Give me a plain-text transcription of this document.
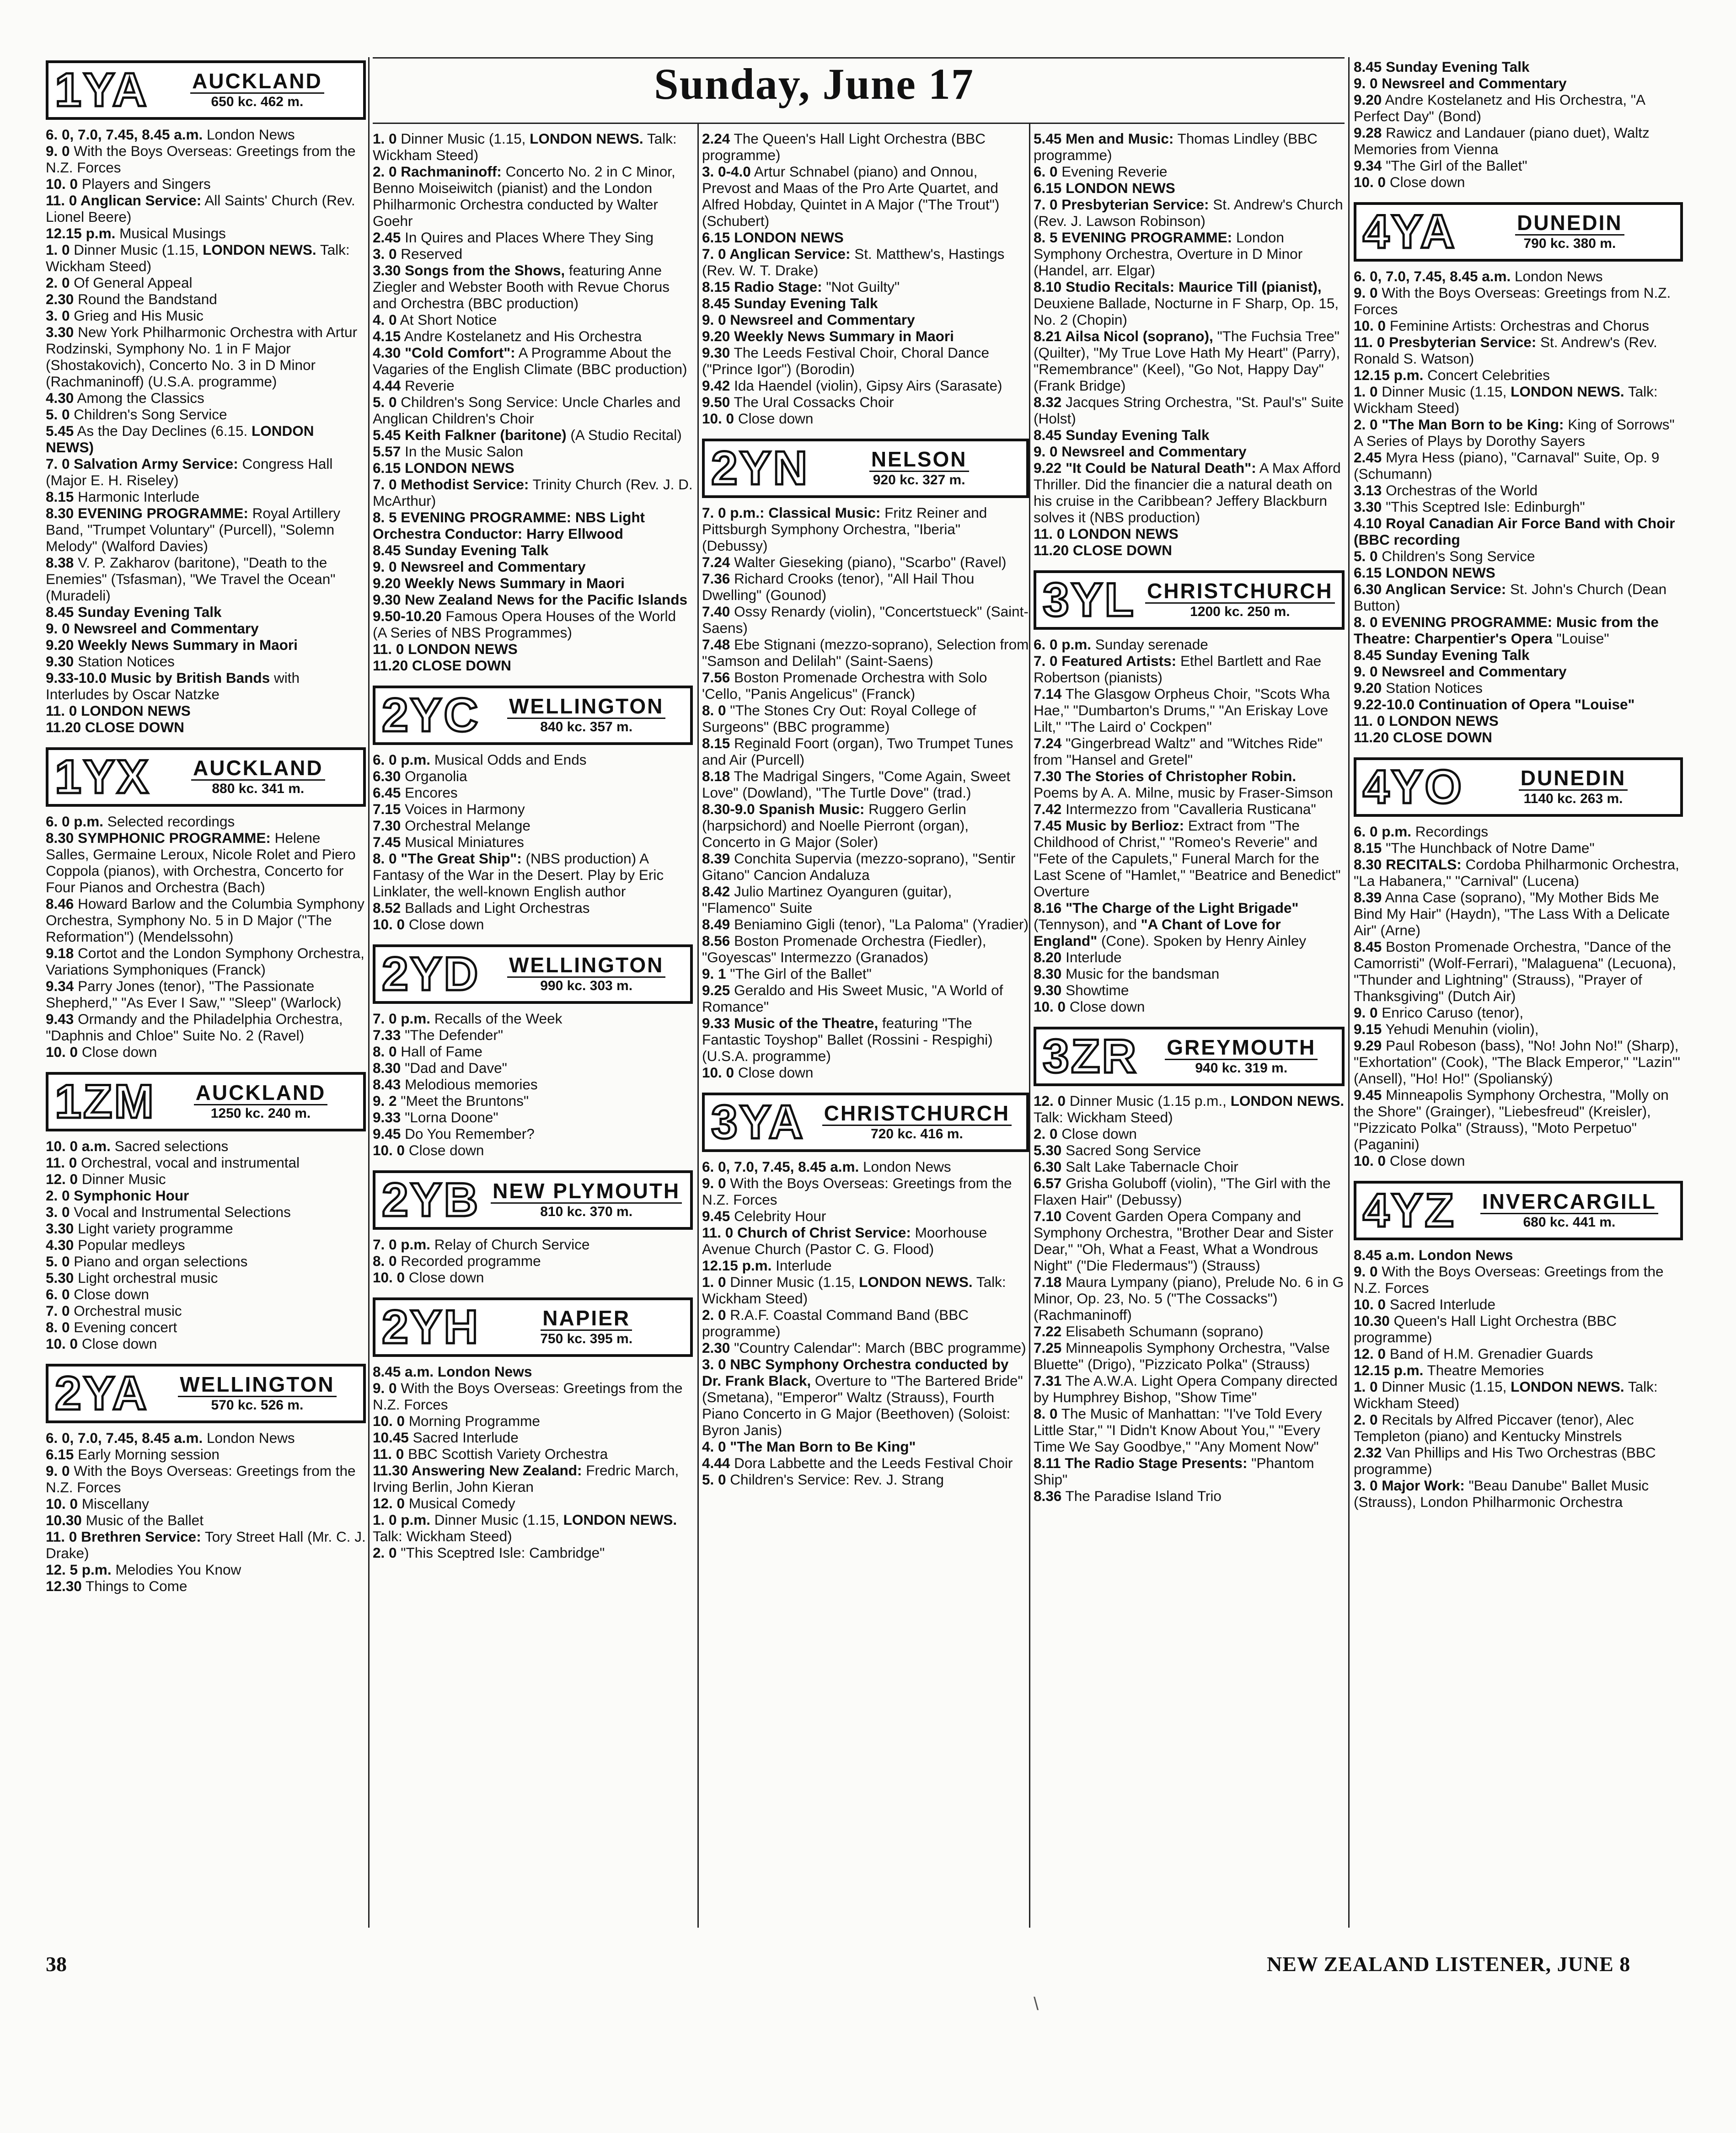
Sunday, June 17
1YA	AUCKLAND
650 kc. 462 m.
6. 0, 7.0, 7.45, 8.45 a.m. London News
9. 0 With the Boys Overseas: Greetings from the N.Z. Forces
10. 0 Players and Singers
11. 0 Anglican Service: All Saints' Church (Rev. Lionel Beere)
12.15 p.m. Musical Musings
1. 0 Dinner Music (1.15, LONDON NEWS. Talk: Wickham Steed)
2. 0 Of General Appeal
2.30 Round the Bandstand
3. 0 Grieg and His Music
3.30 New York Philharmonic Orchestra with Artur Rodzinski, Symphony No. 1 in F Major (Shostakovich), Concerto No. 3 in D Minor (Rachmaninoff) (U.S.A. programme)
4.30 Among the Classics
5. 0 Children's Song Service
5.45 As the Day Declines (6.15. LONDON NEWS)
7. 0 Salvation Army Service: Congress Hall (Major E. H. Riseley)
8.15 Harmonic Interlude
8.30 EVENING PROGRAMME: Royal Artillery Band, "Trumpet Voluntary" (Purcell), "Solemn Melody" (Walford Davies)
8.38 V. P. Zakharov (baritone), "Death to the Enemies" (Tsfasman), "We Travel the Ocean" (Muradeli)
8.45 Sunday Evening Talk
9. 0 Newsreel and Commentary
9.20 Weekly News Summary in Maori
9.30 Station Notices
9.33-10.0 Music by British Bands with Interludes by Oscar Natzke
11. 0 LONDON NEWS
11.20 CLOSE DOWN
1YX	AUCKLAND
880 kc. 341 m.
6. 0 p.m. Selected recordings
8.30 SYMPHONIC PROGRAMME: Helene Salles, Germaine Leroux, Nicole Rolet and Piero Coppola (pianos), with Orchestra, Concerto for Four Pianos and Orchestra (Bach)
8.46 Howard Barlow and the Columbia Symphony Orchestra, Symphony No. 5 in D Major ("The Reformation") (Mendelssohn)
9.18 Cortot and the London Symphony Orchestra, Variations Symphoniques (Franck)
9.34 Parry Jones (tenor), "The Passionate Shepherd," "As Ever I Saw," "Sleep" (Warlock)
9.43 Ormandy and the Philadelphia Orchestra, "Daphnis and Chloe" Suite No. 2 (Ravel)
10. 0 Close down
1ZM	AUCKLAND
1250 kc. 240 m.
10. 0 a.m. Sacred selections
11. 0 Orchestral, vocal and instrumental
12. 0 Dinner Music
2. 0 Symphonic Hour
3. 0 Vocal and Instrumental Selections
3.30 Light variety programme
4.30 Popular medleys
5. 0 Piano and organ selections
5.30 Light orchestral music
6. 0 Close down
7. 0 Orchestral music
8. 0 Evening concert
10. 0 Close down
2YA	WELLINGTON
570 kc. 526 m.
6. 0, 7.0, 7.45, 8.45 a.m. London News
6.15 Early Morning session
9. 0 With the Boys Overseas: Greetings from the N.Z. Forces
10. 0 Miscellany
10.30 Music of the Ballet
11. 0 Brethren Service: Tory Street Hall (Mr. C. J. Drake)
12. 5 p.m. Melodies You Know
12.30 Things to Come
1. 0 Dinner Music (1.15, LONDON NEWS. Talk: Wickham Steed)
2. 0 Rachmaninoff: Concerto No. 2 in C Minor, Benno Moiseiwitch (pianist) and the London Philharmonic Orchestra conducted by Walter Goehr
2.45 In Quires and Places Where They Sing
3. 0 Reserved
3.30 Songs from the Shows, featuring Anne Ziegler and Webster Booth with Revue Chorus and Orchestra (BBC production)
4. 0 At Short Notice
4.15 Andre Kostelanetz and His Orchestra
4.30 "Cold Comfort": A Programme About the Vagaries of the English Climate (BBC production)
4.44 Reverie
5. 0 Children's Song Service: Uncle Charles and Anglican Children's Choir
5.45 Keith Falkner (baritone) (A Studio Recital)
5.57 In the Music Salon
6.15 LONDON NEWS
7. 0 Methodist Service: Trinity Church (Rev. J. D. McArthur)
8. 5 EVENING PROGRAMME: NBS Light Orchestra Conductor: Harry Ellwood
8.45 Sunday Evening Talk
9. 0 Newsreel and Commentary
9.20 Weekly News Summary in Maori
9.30 New Zealand News for the Pacific Islands
9.50-10.20 Famous Opera Houses of the World (A Series of NBS Programmes)
11. 0 LONDON NEWS
11.20 CLOSE DOWN
2YC	WELLINGTON
840 kc. 357 m.
6. 0 p.m. Musical Odds and Ends
6.30 Organolia
6.45 Encores
7.15 Voices in Harmony
7.30 Orchestral Melange
7.45 Musical Miniatures
8. 0 "The Great Ship": (NBS production) A Fantasy of the War in the Desert. Play by Eric Linklater, the well-known English author
8.52 Ballads and Light Orchestras
10. 0 Close down
2YD	WELLINGTON
990 kc. 303 m.
7. 0 p.m. Recalls of the Week
7.33 "The Defender"
8. 0 Hall of Fame
8.30 "Dad and Dave"
8.43 Melodious memories
9. 2 "Meet the Bruntons"
9.33 "Lorna Doone"
9.45 Do You Remember?
10. 0 Close down
2YB NEW PLYMOUTH
810 kc. 370 m.
7. 0 p.m. Relay of Church Service
8. 0 Recorded programme
10. 0 Close down
2YH	NAPIER
750 kc. 395 m.
8.45 a.m. London News
9. 0 With the Boys Overseas: Greetings from the N.Z. Forces
10. 0 Morning Programme
10.45 Sacred Interlude
11. 0 BBC Scottish Variety Orchestra
11.30 Answering New Zealand: Fredric March, Irving Berlin, John Kieran
12. 0 Musical Comedy
1. 0 p.m. Dinner Music (1.15, LONDON NEWS. Talk: Wickham Steed)
2. 0 "This Sceptred Isle: Cambridge"
2.24 The Queen's Hall Light Orchestra (BBC programme)
3. 0-4.0 Artur Schnabel (piano) and Onnou, Prevost and Maas of the Pro Arte Quartet, and Alfred Hobday, Quintet in A Major ("The Trout") (Schubert)
6.15 LONDON NEWS
7. 0 Anglican Service: St. Matthew's, Hastings (Rev. W. T. Drake)
8.15 Radio Stage: "Not Guilty"
8.45 Sunday Evening Talk
9. 0 Newsreel and Commentary
9.20 Weekly News Summary in Maori
9.30 The Leeds Festival Choir, Choral Dance ("Prince Igor") (Borodin)
9.42 Ida Haendel (violin), Gipsy Airs (Sarasate)
9.50 The Ural Cossacks Choir
10. 0 Close down
2YN	NELSON
920 kc. 327 m.
7. 0 p.m.: Classical Music: Fritz Reiner and Pittsburgh Symphony Orchestra, "Iberia" (Debussy)
7.24 Walter Gieseking (piano), "Scarbo" (Ravel)
7.36 Richard Crooks (tenor), "All Hail Thou Dwelling" (Gounod)
7.40 Ossy Renardy (violin), "Concertstueck" (Saint-Saens)
7.48 Ebe Stignani (mezzo-soprano), Selection from "Samson and Delilah" (Saint-Saens)
7.56 Boston Promenade Orchestra with Solo 'Cello, "Panis Angelicus" (Franck)
8. 0 "The Stones Cry Out: Royal College of Surgeons" (BBC programme)
8.15 Reginald Foort (organ), Two Trumpet Tunes and Air (Purcell)
8.18 The Madrigal Singers, "Come Again, Sweet Love" (Dowland), "The Turtle Dove" (trad.)
8.30-9.0 Spanish Music: Ruggero Gerlin (harpsichord) and Noelle Pierront (organ), Concerto in G Major (Soler)
8.39 Conchita Supervia (mezzo-soprano), "Sentir Gitano" Cancion Andaluza
8.42 Julio Martinez Oyanguren (guitar), "Flamenco" Suite
8.49 Beniamino Gigli (tenor), "La Paloma" (Yradier)
8.56 Boston Promenade Orchestra (Fiedler), "Goyescas" Intermezzo (Granados)
9. 1 "The Girl of the Ballet"
9.25 Geraldo and His Sweet Music, "A World of Romance"
9.33 Music of the Theatre, featuring "The Fantastic Toyshop" Ballet (Rossini - Respighi) (U.S.A. programme)
10. 0 Close down
3YA CHRISTCHURCH
720 kc. 416 m.
6. 0, 7.0, 7.45, 8.45 a.m. London News
9. 0 With the Boys Overseas: Greetings from the N.Z. Forces
9.45 Celebrity Hour
11. 0 Church of Christ Service: Moorhouse Avenue Church (Pastor C. G. Flood)
12.15 p.m. Interlude
1. 0 Dinner Music (1.15, LONDON NEWS. Talk: Wickham Steed)
2. 0 R.A.F. Coastal Command Band (BBC programme)
2.30 "Country Calendar": March (BBC programme)
3. 0 NBC Symphony Orchestra conducted by Dr. Frank Black, Overture to "The Bartered Bride" (Smetana), "Emperor" Waltz (Strauss), Fourth Piano Concerto in G Major (Beethoven) (Soloist: Byron Janis)
4. 0 "The Man Born to Be King"
4.44 Dora Labbette and the Leeds Festival Choir
5. 0 Children's Service: Rev. J. Strang
5.45 Men and Music: Thomas Lindley (BBC programme)
6. 0 Evening Reverie
6.15 LONDON NEWS
7. 0 Presbyterian Service: St. Andrew's Church (Rev. J. Lawson Robinson)
8. 5 EVENING PROGRAMME: London Symphony Orchestra, Overture in D Minor (Handel, arr. Elgar)
8.10 Studio Recitals: Maurice Till (pianist), Deuxiene Ballade, Nocturne in F Sharp, Op. 15, No. 2 (Chopin)
8.21 Ailsa Nicol (soprano), "The Fuchsia Tree" (Quilter), "My True Love Hath My Heart" (Parry), "Remembrance" (Keel), "Go Not, Happy Day" (Frank Bridge)
8.32 Jacques String Orchestra, "St. Paul's" Suite (Holst)
8.45 Sunday Evening Talk
9. 0 Newsreel and Commentary
9.22 "It Could be Natural Death": A Max Afford Thriller. Did the financier die a natural death on his cruise in the Caribbean? Jeffery Blackburn solves it (NBS production)
11. 0 LONDON NEWS
11.20 CLOSE DOWN
3YL CHRISTCHURCH
1200 kc. 250 m.
6. 0 p.m. Sunday serenade
7. 0 Featured Artists: Ethel Bartlett and Rae Robertson (pianists)
7.14 The Glasgow Orpheus Choir, "Scots Wha Hae," "Dumbarton's Drums," "An Eriskay Love Lilt," "The Laird o' Cockpen"
7.24 "Gingerbread Waltz" and "Witches Ride" from "Hansel and Gretel"
7.30 The Stories of Christopher Robin. Poems by A. A. Milne, music by Fraser-Simson
7.42 Intermezzo from "Cavalleria Rusticana"
7.45 Music by Berlioz: Extract from "The Childhood of Christ," "Romeo's Reverie" and "Fete of the Capulets," Funeral March for the Last Scene of "Hamlet," "Beatrice and Benedict" Overture
8.16 "The Charge of the Light Brigade" (Tennyson), and "A Chant of Love for England" (Cone). Spoken by Henry Ainley
8.20 Interlude
8.30 Music for the bandsman
9.30 Showtime
10. 0 Close down
3ZR	GREYMOUTH
940 kc. 319 m.
12. 0 Dinner Music (1.15 p.m., LONDON NEWS. Talk: Wickham Steed)
2. 0 Close down
5.30 Sacred Song Service
6.30 Salt Lake Tabernacle Choir
6.57 Grisha Goluboff (violin), "The Girl with the Flaxen Hair" (Debussy)
7.10 Covent Garden Opera Company and Symphony Orchestra, "Brother Dear and Sister Dear," "Oh, What a Feast, What a Wondrous Night" ("Die Fledermaus") (Strauss)
7.18 Maura Lympany (piano), Prelude No. 6 in G Minor, Op. 23, No. 5 ("The Cossacks") (Rachmaninoff)
7.22 Elisabeth Schumann (soprano)
7.25 Minneapolis Symphony Orchestra, "Valse Bluette" (Drigo), "Pizzicato Polka" (Strauss)
7.31 The A.W.A. Light Opera Company directed by Humphrey Bishop, "Show Time"
8. 0 The Music of Manhattan: "I've Told Every Little Star," "I Didn't Know About You," "Every Time We Say Goodbye," "Any Moment Now"
8.11 The Radio Stage Presents: "Phantom Ship"
8.36 The Paradise Island Trio
8.45 Sunday Evening Talk
9. 0 Newsreel and Commentary
9.20 Andre Kostelanetz and His Orchestra, "A Perfect Day" (Bond)
9.28 Rawicz and Landauer (piano duet), Waltz Memories from Vienna
9.34 "The Girl of the Ballet"
10. 0 Close down
4YA	DUNEDIN
790 kc. 380 m.
6. 0, 7.0, 7.45, 8.45 a.m. London News
9. 0 With the Boys Overseas: Greetings from N.Z. Forces
10. 0 Feminine Artists: Orchestras and Chorus
11. 0 Presbyterian Service: St. Andrew's (Rev. Ronald S. Watson)
12.15 p.m. Concert Celebrities
1. 0 Dinner Music (1.15, LONDON NEWS. Talk: Wickham Steed)
2. 0 "The Man Born to be King: King of Sorrows" A Series of Plays by Dorothy Sayers
2.45 Myra Hess (piano), "Carnaval" Suite, Op. 9 (Schumann)
3.13 Orchestras of the World
3.30 "This Sceptred Isle: Edinburgh"
4.10 Royal Canadian Air Force Band with Choir (BBC recording
5. 0 Children's Song Service
6.15 LONDON NEWS
6.30 Anglican Service: St. John's Church (Dean Button)
8. 0 EVENING PROGRAMME: Music from the Theatre: Charpentier's Opera "Louise"
8.45 Sunday Evening Talk
9. 0 Newsreel and Commentary
9.20 Station Notices
9.22-10.0 Continuation of Opera "Louise"
11. 0 LONDON NEWS
11.20 CLOSE DOWN
4YO	DUNEDIN
1140 kc. 263 m.
6. 0 p.m. Recordings
8.15 "The Hunchback of Notre Dame"
8.30 RECITALS: Cordoba Philharmonic Orchestra, "La Habanera," "Carnival" (Lucena)
8.39 Anna Case (soprano), "My Mother Bids Me Bind My Hair" (Haydn), "The Lass With a Delicate Air" (Arne)
8.45 Boston Promenade Orchestra, "Dance of the Camorristi" (Wolf-Ferrari), "Malaguena" (Lecuona), "Thunder and Lightning" (Strauss), "Prayer of Thanksgiving" (Dutch Air)
9. 0 Enrico Caruso (tenor),
9.15 Yehudi Menuhin (violin),
9.29 Paul Robeson (bass), "No! John No!" (Sharp), "Exhortation" (Cook), "The Black Emperor," "Lazin'" (Ansell), "Ho! Ho!" (Spolianský)
9.45 Minneapolis Symphony Orchestra, "Molly on the Shore" (Grainger), "Liebesfreud" (Kreisler), "Pizzicato Polka" (Strauss), "Moto Perpetuo" (Paganini)
10. 0 Close down
4YZ	INVERCARGILL
680 kc. 441 m.
8.45 a.m. London News
9. 0 With the Boys Overseas: Greetings from the N.Z. Forces
10. 0 Sacred Interlude
10.30 Queen's Hall Light Orchestra (BBC programme)
12. 0 Band of H.M. Grenadier Guards
12.15 p.m. Theatre Memories
1. 0 Dinner Music (1.15, LONDON NEWS. Talk: Wickham Steed)
2. 0 Recitals by Alfred Piccaver (tenor), Alec Templeton (piano) and Kentucky Minstrels
2.32 Van Phillips and His Two Orchestras (BBC programme)
3. 0 Major Work: "Beau Danube" Ballet Music (Strauss), London Philharmonic Orchestra
38	NEW ZEALAND LISTENER, JUNE 8
\
